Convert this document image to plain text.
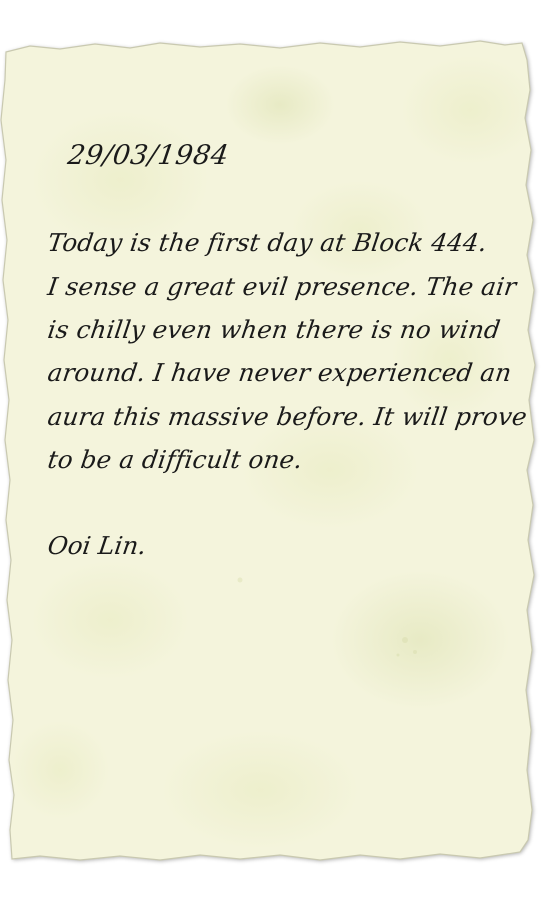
29/03/1984
Today is the first day at Block 444.
I sense a great evil presence. The air
is chilly even when there is no wind
around. I have never experienced an
aura this massive before. It will prove
to be a difficult one.
Ooi Lin.
